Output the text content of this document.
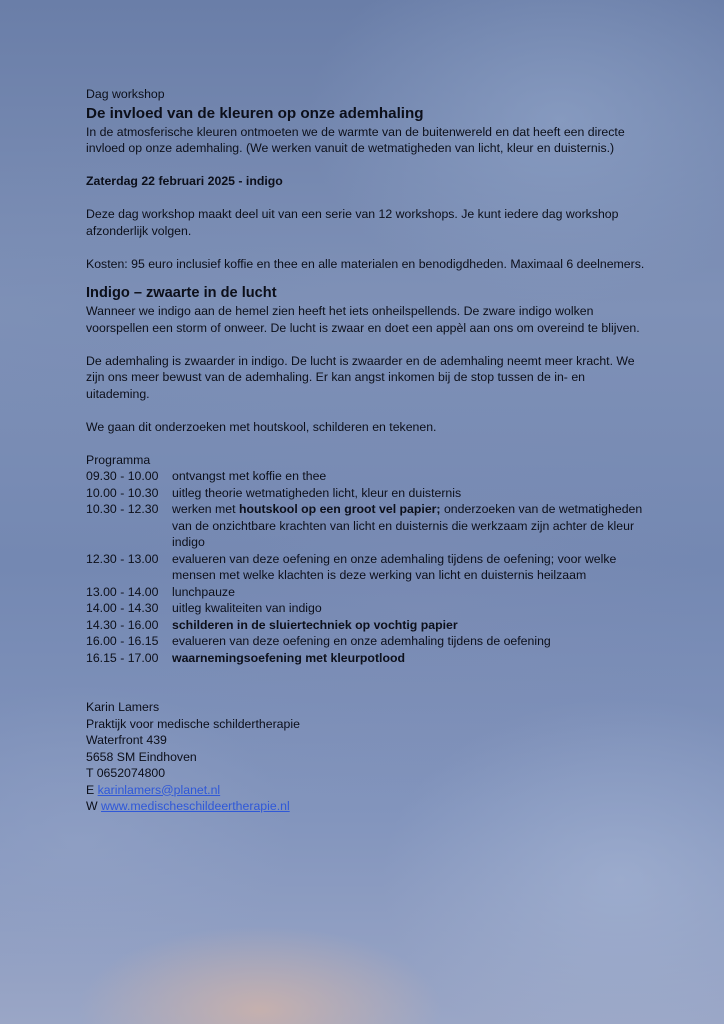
Dag workshop

De invloed van de kleuren op onze ademhaling

In de atmosferische kleuren ontmoeten we de warmte van de buitenwereld en dat heeft een directe invloed op onze ademhaling. (We werken vanuit de wetmatigheden van licht, kleur en duisternis.)

Zaterdag 22 februari 2025 - indigo

Deze dag workshop maakt deel uit van een serie van 12 workshops. Je kunt iedere dag workshop afzonderlijk volgen.

Kosten: 95 euro inclusief koffie en thee en alle materialen en benodigdheden. Maximaal 6 deelnemers.

Indigo – zwaarte in de lucht

Wanneer we indigo aan de hemel zien heeft het iets onheilspellends. De zware indigo wolken voorspellen een storm of onweer. De lucht is zwaar en doet een appèl aan ons om overeind te blijven.

De ademhaling is zwaarder in indigo. De lucht is zwaarder en de ademhaling neemt meer kracht. We zijn ons meer bewust van de ademhaling. Er kan angst inkomen bij de stop tussen de in- en uitademing.

We gaan dit onderzoeken met houtskool, schilderen en tekenen.

Programma

09.30 - 10.00	ontvangst met koffie en thee
10.00 - 10.30	uitleg theorie wetmatigheden licht, kleur en duisternis
10.30 - 12.30	werken met houtskool op een groot vel papier; onderzoeken van de wetmatigheden van de onzichtbare krachten van licht en duisternis die werkzaam zijn achter de kleur indigo
12.30 - 13.00	evalueren van deze oefening en onze ademhaling tijdens de oefening; voor welke mensen met welke klachten is deze werking van licht en duisternis heilzaam
13.00 - 14.00	lunchpauze
14.00 - 14.30	uitleg kwaliteiten van indigo
14.30 - 16.00	schilderen in de sluiertechniek op vochtig papier
16.00 - 16.15	evalueren van deze oefening en onze ademhaling tijdens de oefening
16.15 - 17.00	waarnemingsoefening met kleurpotlood

Karin Lamers

Praktijk voor medische schildertherapie

Waterfront 439

5658 SM Eindhoven

T 0652074800

E karinlamers@planet.nl

W www.medischeschildeertherapie.nl
